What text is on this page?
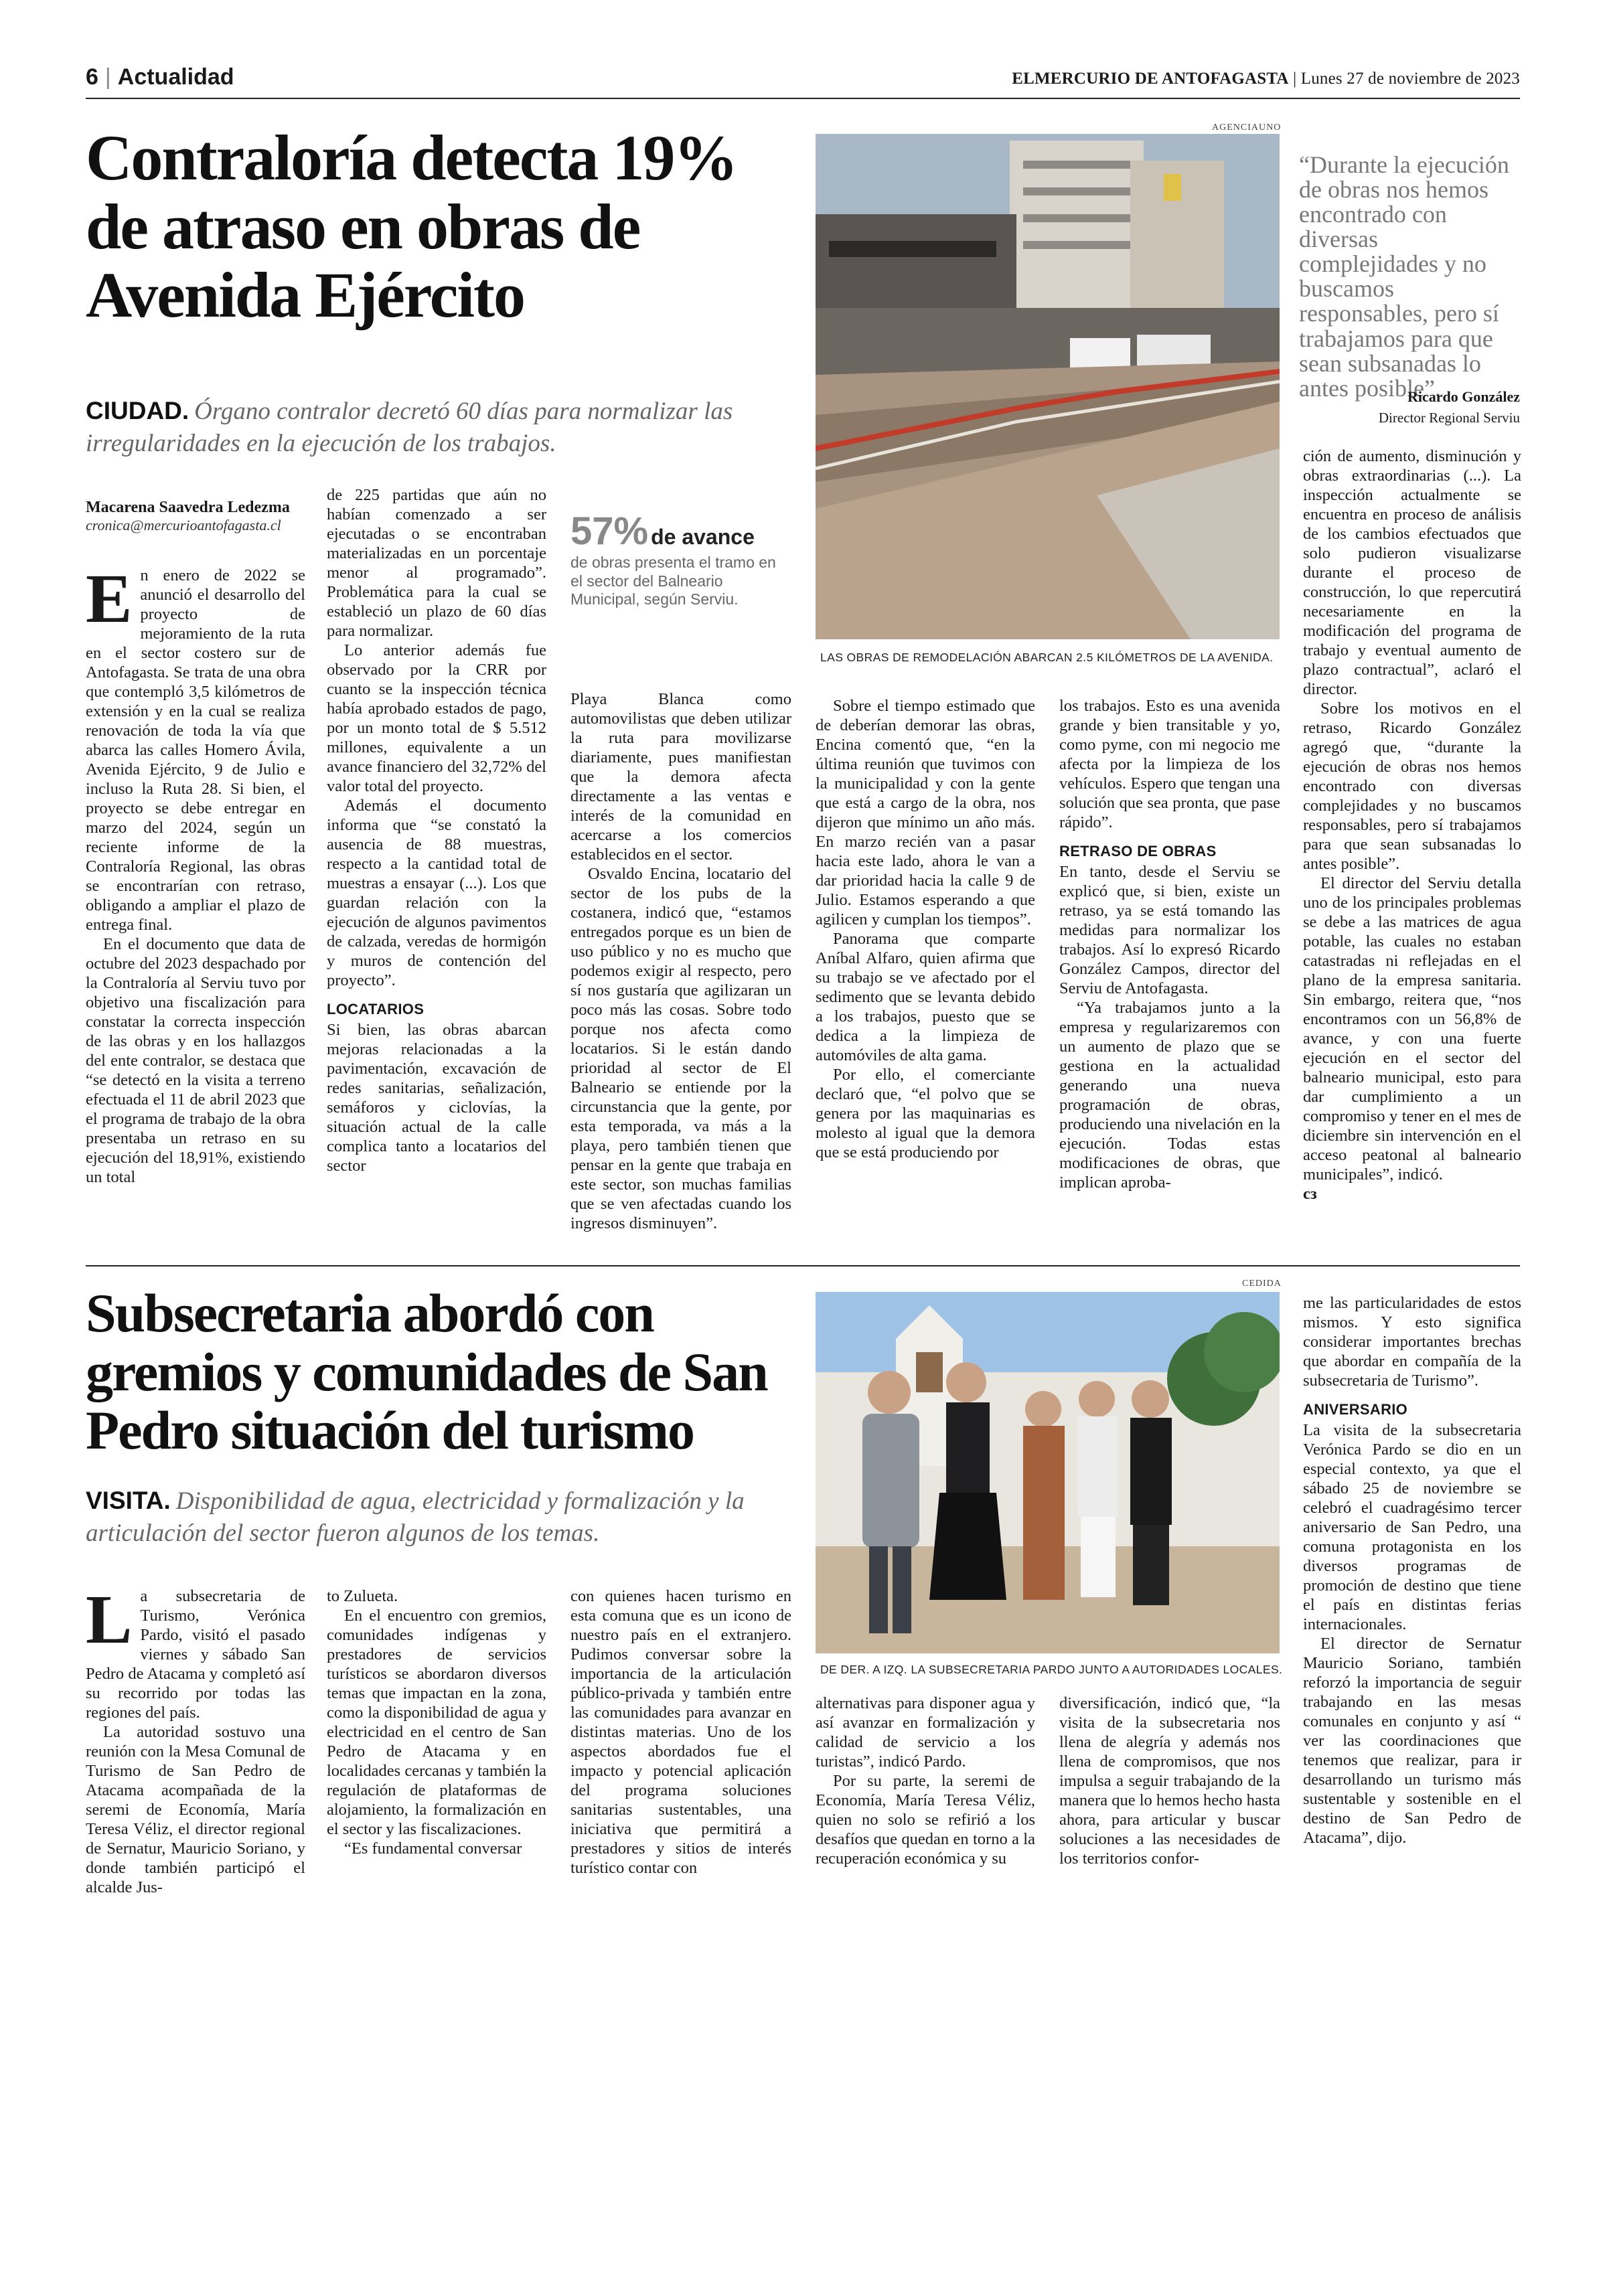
6 | Actualidad	ELMERCURIO DE ANTOFAGASTA | Lunes 27 de noviembre de 2023
Contraloría detecta 19% de atraso en obras de Avenida Ejército
CIUDAD. Órgano contralor decretó 60 días para normalizar las irregularidades en la ejecución de los trabajos.
Macarena Saavedra Ledezma
cronica@mercurioantofagasta.cl

En enero de 2022 se anunció el desarrollo del proyecto de mejoramiento de la ruta en el sector costero sur de Antofagasta. Se trata de una obra que contempló 3,5 kilómetros de extensión y en la cual se realiza renovación de toda la vía que abarca las calles Homero Ávila, Avenida Ejército, 9 de Julio e incluso la Ruta 28. Si bien, el proyecto se debe entregar en marzo del 2024, según un reciente informe de la Contraloría Regional, las obras se encontrarían con retraso, obligando a ampliar el plazo de entrega final.

En el documento que data de octubre del 2023 despachado por la Contraloría al Serviu tuvo por objetivo una fiscalización para constatar la correcta inspección de las obras y en los hallazgos del ente contralor, se destaca que “se detectó en la visita a terreno efectuada el 11 de abril 2023 que el programa de trabajo de la obra presentaba un retraso en su ejecución del 18,91%, existiendo un total

de 225 partidas que aún no habían comenzado a ser ejecutadas o se encontraban materializadas en un porcentaje menor al programado”. Problemática para la cual se estableció un plazo de 60 días para normalizar.

Lo anterior además fue observado por la CRR por cuanto se la inspección técnica había aprobado estados de pago, por un monto total de $ 5.512 millones, equivalente a un avance financiero del 32,72% del valor total del proyecto.

Además el documento informa que “se constató la ausencia de 88 muestras, respecto a la cantidad total de muestras a ensayar (...). Los que guardan relación con la ejecución de algunos pavimentos de calzada, veredas de hormigón y muros de contención del proyecto”.

LOCATARIOS

Si bien, las obras abarcan mejoras relacionadas a la pavimentación, excavación de redes sanitarias, señalización, semáforos y ciclovías, la situación actual de la calle complica tanto a locatarios del sector

57% de avance
de obras presenta el tramo en el sector del Balneario Municipal, según Serviu.

Playa Blanca como automovilistas que deben utilizar la ruta para movilizarse diariamente, pues manifiestan que la demora afecta directamente a las ventas e interés de la comunidad en acercarse a los comercios establecidos en el sector.

Osvaldo Encina, locatario del sector de los pubs de la costanera, indicó que, “estamos entregados porque es un bien de uso público y no es mucho que podemos exigir al respecto, pero sí nos gustaría que agilizaran un poco más las cosas. Sobre todo porque nos afecta como locatarios. Si le están dando prioridad al sector de El Balneario se entiende por la circunstancia que la gente, por esta temporada, va más a la playa, pero también tienen que pensar en la gente que trabaja en este sector, son muchas familias que se ven afectadas cuando los ingresos disminuyen”.

AGENCIAUNO
LAS OBRAS DE REMODELACIÓN ABARCAN 2.5 KILÓMETROS DE LA AVENIDA.
“Durante la ejecución de obras nos hemos encontrado con diversas complejidades y no buscamos responsables, pero sí trabajamos para que sean subsanadas lo antes posible”.
Ricardo González
Director Regional Serviu

Sobre el tiempo estimado que de deberían demorar las obras, Encina comentó que, “en la última reunión que tuvimos con la municipalidad y con la gente que está a cargo de la obra, nos dijeron que mínimo un año más. En marzo recién van a pasar hacia este lado, ahora le van a dar prioridad hacia la calle 9 de Julio. Estamos esperando a que agilicen y cumplan los tiempos”.

Panorama que comparte Aníbal Alfaro, quien afirma que su trabajo se ve afectado por el sedimento que se levanta debido a los trabajos, puesto que se dedica a la limpieza de automóviles de alta gama.

Por ello, el comerciante declaró que, “el polvo que se genera por las maquinarias es molesto al igual que la demora que se está produciendo por

los trabajos. Esto es una avenida grande y bien transitable y yo, como pyme, con mi negocio me afecta por la limpieza de los vehículos. Espero que tengan una solución que sea pronta, que pase rápido”.

RETRASO DE OBRAS

En tanto, desde el Serviu se explicó que, si bien, existe un retraso, ya se está tomando las medidas para normalizar los trabajos. Así lo expresó Ricardo González Campos, director del Serviu de Antofagasta.

“Ya trabajamos junto a la empresa y regularizaremos con un aumento de plazo que se gestiona en la actualidad generando una nueva programación de obras, produciendo una nivelación en la ejecución. Todas estas modificaciones de obras, que implican aproba-

ción de aumento, disminución y obras extraordinarias (...). La inspección actualmente se encuentra en proceso de análisis de los cambios efectuados que solo pudieron visualizarse durante el proceso de construcción, lo que repercutirá necesariamente en la modificación del programa de trabajo y eventual aumento de plazo contractual”, aclaró el director.

Sobre los motivos en el retraso, Ricardo González agregó que, “durante la ejecución de obras nos hemos encontrado con diversas complejidades y no buscamos responsables, pero sí trabajamos para que sean subsanadas lo antes posible”.

El director del Serviu detalla uno de los principales problemas se debe a las matrices de agua potable, las cuales no estaban catastradas ni reflejadas en el plano de la empresa sanitaria. Sin embargo, reitera que, “nos encontramos con un 56,8% de avance, y con una fuerte ejecución en el sector del balneario municipal, esto para dar cumplimiento a un compromiso y tener en el mes de diciembre sin intervención en el acceso peatonal al balneario municipales”, indicó.

cз
Subsecretaria abordó con gremios y comunidades de San Pedro situación del turismo
VISITA. Disponibilidad de agua, electricidad y formalización y la articulación del sector fueron algunos de los temas.

La subsecretaria de Turismo, Verónica Pardo, visitó el pasado viernes y sábado San Pedro de Atacama y completó así su recorrido por todas las regiones del país.

La autoridad sostuvo una reunión con la Mesa Comunal de Turismo de San Pedro de Atacama acompañada de la seremi de Economía, María Teresa Véliz, el director regional de Sernatur, Mauricio Soriano, y donde también participó el alcalde Jus-

to Zulueta.

En el encuentro con gremios, comunidades indígenas y prestadores de servicios turísticos se abordaron diversos temas que impactan en la zona, como la disponibilidad de agua y electricidad en el centro de San Pedro de Atacama y en localidades cercanas y también la regulación de plataformas de alojamiento, la formalización en el sector y las fiscalizaciones.

“Es fundamental conversar

con quienes hacen turismo en esta comuna que es un icono de nuestro país en el extranjero. Pudimos conversar sobre la importancia de la articulación público-privada y también entre las comunidades para avanzar en distintas materias. Uno de los aspectos abordados fue el impacto y potencial aplicación del programa soluciones sanitarias sustentables, una iniciativa que permitirá a prestadores y sitios de interés turístico contar con

CEDIDA
DE DER. A IZQ. LA SUBSECRETARIA PARDO JUNTO A AUTORIDADES LOCALES.

alternativas para disponer agua y así avanzar en formalización y calidad de servicio a los turistas”, indicó Pardo.

Por su parte, la seremi de Economía, María Teresa Véliz, quien no solo se refirió a los desafíos que quedan en torno a la recuperación económica y su

diversificación, indicó que, “la visita de la subsecretaria nos llena de alegría y además nos llena de compromisos, que nos impulsa a seguir trabajando de la manera que lo hemos hecho hasta ahora, para articular y buscar soluciones a las necesidades de los territorios confor-

me las particularidades de estos mismos. Y esto significa considerar importantes brechas que abordar en compañía de la subsecretaria de Turismo”.

ANIVERSARIO

La visita de la subsecretaria Verónica Pardo se dio en un especial contexto, ya que el sábado 25 de noviembre se celebró el cuadragésimo tercer aniversario de San Pedro, una comuna protagonista en los diversos programas de promoción de destino que tiene el país en distintas ferias internacionales.

El director de Sernatur Mauricio Soriano, también reforzó la importancia de seguir trabajando en las mesas comunales en conjunto y así “ ver las coordinaciones que tenemos que realizar, para ir desarrollando un turismo más sustentable y sostenible en el destino de San Pedro de Atacama”, dijo.
